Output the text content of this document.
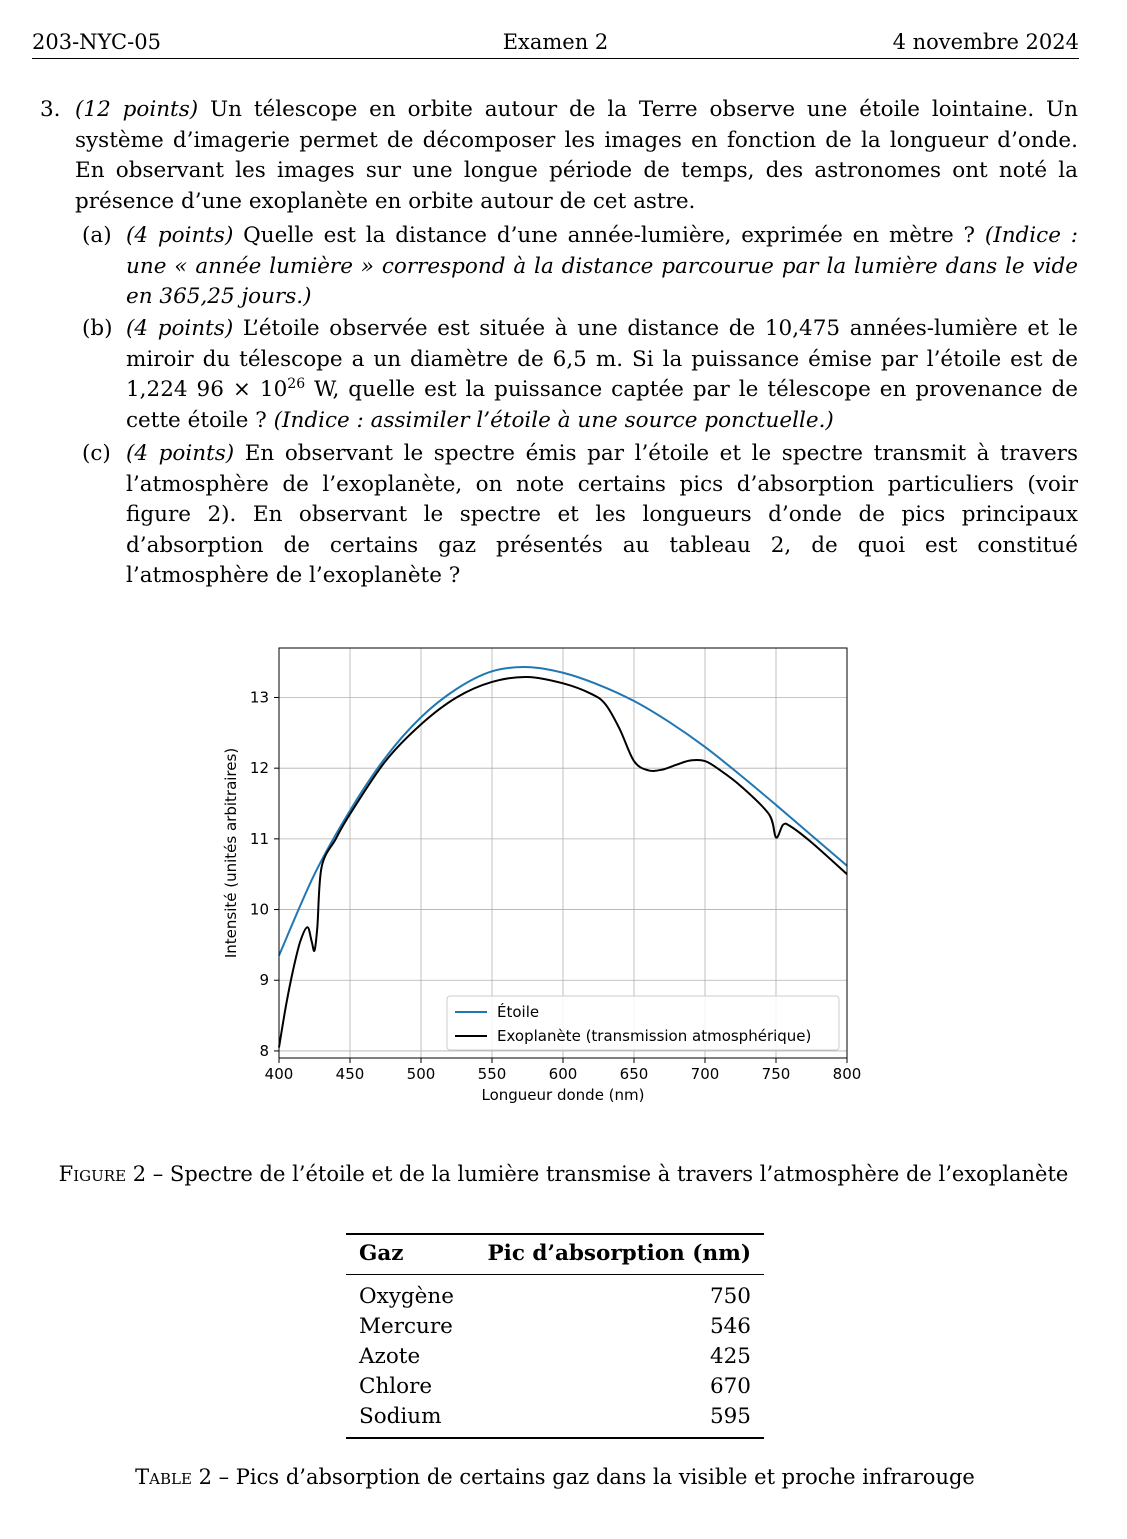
203-NYC-05	Examen 2	4 novembre 2024
3. (12 points) Un télescope en orbite autour de la Terre observe une étoile lointaine. Un système d’imagerie permet de décomposer les images en fonction de la longueur d’onde. En observant les images sur une longue période de temps, des astronomes ont noté la présence d’une exoplanète en orbite autour de cet astre.
(a) (4 points) Quelle est la distance d’une année-lumière, exprimée en mètre ? (Indice : une « année lumière » correspond à la distance parcourue par la lumière dans le vide en 365,25 jours.)
(b) (4 points) L’étoile observée est située à une distance de 10,475 années-lumière et le miroir du télescope a un diamètre de 6,5 m. Si la puissance émise par l’étoile est de 1,224 $96 \times 10^{26}$ W, quelle est la puissance captée par le télescope en provenance de cette étoile ? (Indice : assimiler l’étoile à une source ponctuelle.)
(c) (4 points) En observant le spectre émis par l’étoile et le spectre transmit à travers l’atmosphère de l’exoplanète, on note certains pics d’absorption particuliers (voir figure 2). En observant le spectre et les longueurs d’onde de pics principaux d’absorption de certains gaz présentés au tableau 2, de quoi est constitué l’atmosphère de l’exoplanète ?
400	450	500	550	600	650	700	750	800
8
9
10
11
12
13
Longueur donde (nm)
Intensité (unités arbitraires)
Étoile
Exoplanète (transmission atmosphérique)
Figure 2 – Spectre de l’étoile et de la lumière transmise à travers l’atmosphère de l’exoplanète
Gaz	Pic d’absorption (nm)
Oxygène	750
Mercure	546
Azote	425
Chlore	670
Sodium	595
Table 2 – Pics d’absorption de certains gaz dans la visible et proche infrarouge
